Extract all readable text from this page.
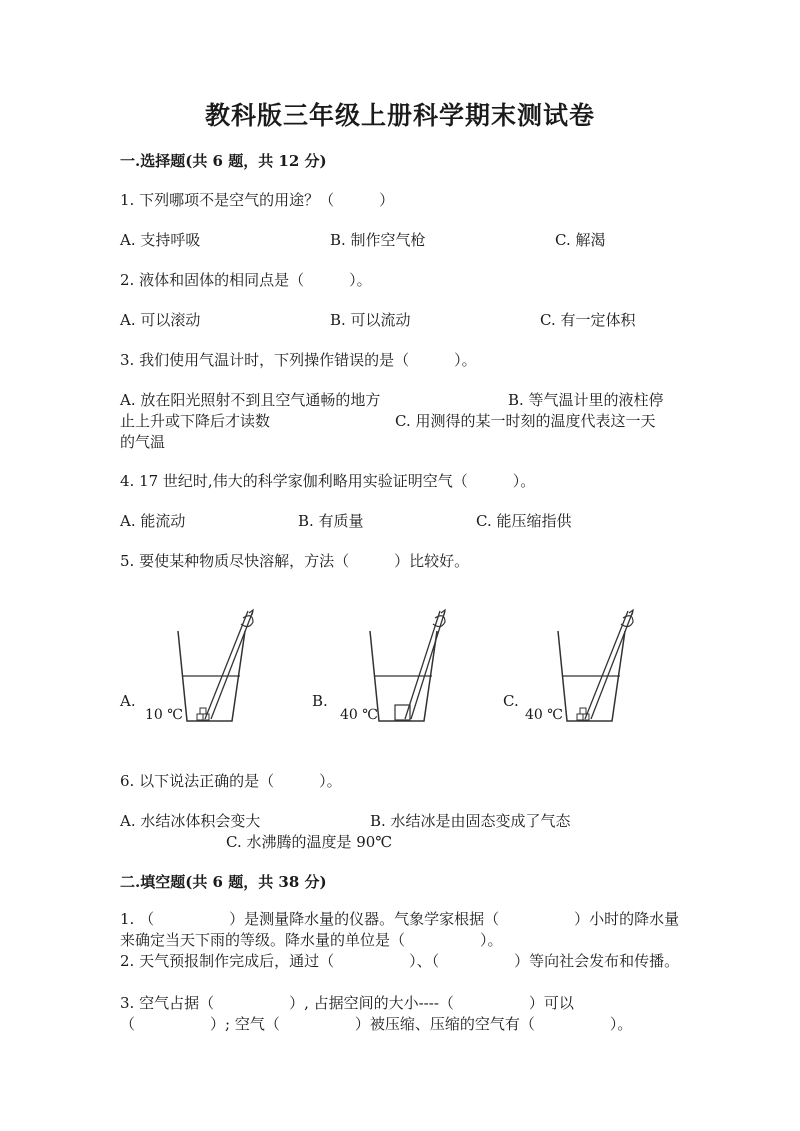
教科版三年级上册科学期末测试卷
一.选择题(共 6 题，共 12 分)
1. 下列哪项不是空气的用途？（　　　）
A. 支持呼吸	B. 制作空气枪	C. 解渴
2. 液体和固体的相同点是（　　　）。
A. 可以滚动	B. 可以流动	C. 有一定体积
3. 我们使用气温计时，下列操作错误的是（　　　）。
A. 放在阳光照射不到且空气通畅的地方	B. 等气温计里的液柱停
止上升或下降后才读数	C. 用测得的某一时刻的温度代表这一天
的气温
4. 17 世纪时,伟大的科学家伽利略用实验证明空气（　　　）。
A. 能流动	B. 有质量	C. 能压缩指供
5. 要使某种物质尽快溶解，方法（　　　）比较好。
A.	B.	C.
10 ℃	40 ℃	40 ℃
6. 以下说法正确的是（　　　）。
A. 水结冰体积会变大	B. 水结冰是由固态变成了气态
C. 水沸腾的温度是 90℃
二.填空题(共 6 题，共 38 分)
1. （　　　　　）是测量降水量的仪器。气象学家根据（　　　　　）小时的降水量来确定当天下雨的等级。降水量的单位是（　　　　　）。
2. 天气预报制作完成后，通过（　　　　　）、（　　　　　）等向社会发布和传播。
3. 空气占据（　　　　　）, 占据空间的大小----（　　　　　）可以（　　　　　）; 空气（　　　　　）被压缩、压缩的空气有（　　　　　）。
